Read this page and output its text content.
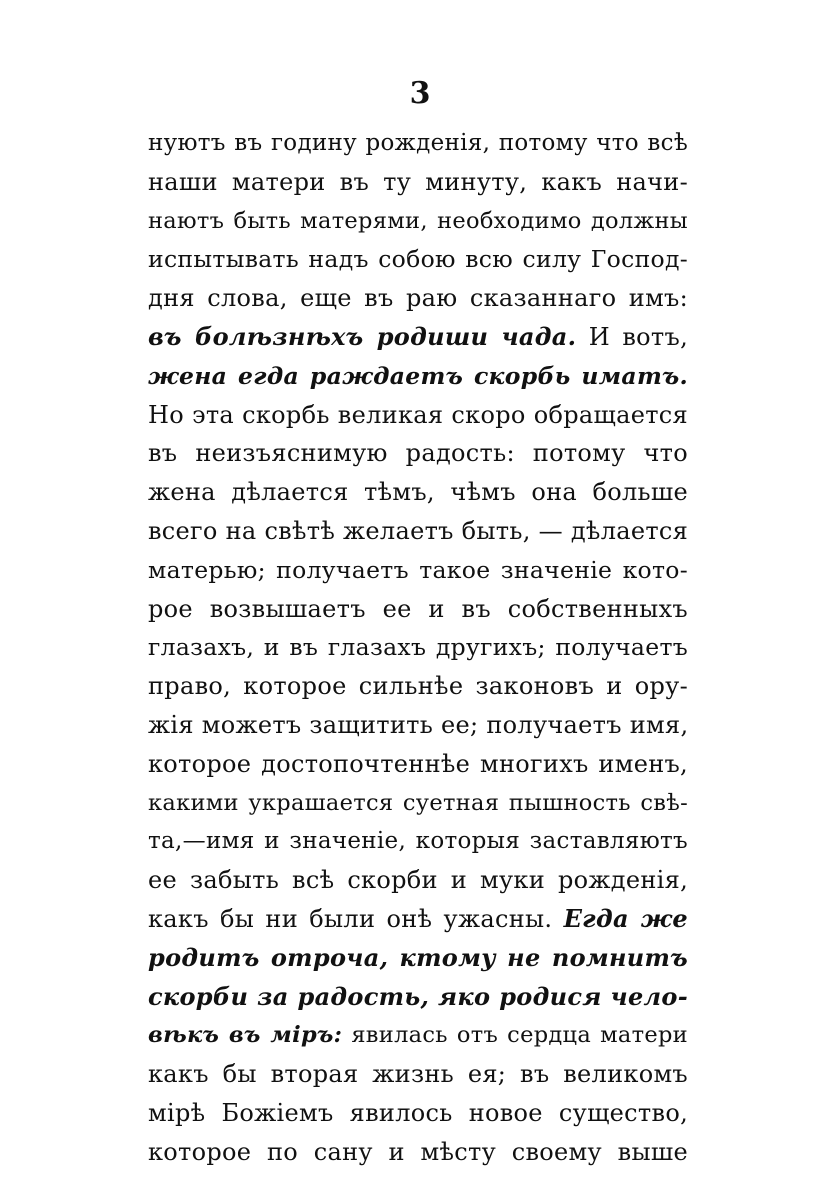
3
нуютъ въ годину рожденія, потому что всѣ
наши матери въ ту минуту, какъ начи-
наютъ быть матерями, необходимо должны
испытывать надъ собою всю силу Господ-
дня слова, еще въ раю сказаннаго имъ:
въ болѣзнѣхъ родиши чада. И вотъ,
жена егда раждаетъ скорбь иматъ.
Но эта скорбь великая скоро обращается
въ неизъяснимую радость: потому что
жена дѣлается тѣмъ, чѣмъ она больше
всего на свѣтѣ желаетъ быть, — дѣлается
матерью; получаетъ такое значеніе кото-
рое возвышаетъ ее и въ собственныхъ
глазахъ, и въ глазахъ другихъ; получаетъ
право, которое сильнѣе законовъ и ору-
жія можетъ защитить ее; получаетъ имя,
которое достопочтеннѣе многихъ именъ,
какими украшается суетная пышность свѣ-
та,—имя и значеніе, которыя заставляютъ
ее забыть всѣ скорби и муки рожденія,
какъ бы ни были онѣ ужасны. Егда же
родитъ отроча, ктому не помнитъ
скорби за радость, яко родися чело-
вѣкъ въ міръ: явилась отъ сердца матери
какъ бы вторая жизнь ея; въ великомъ
мірѣ Божіемъ явилось новое существо,
которое по сану и мѣсту своему выше
